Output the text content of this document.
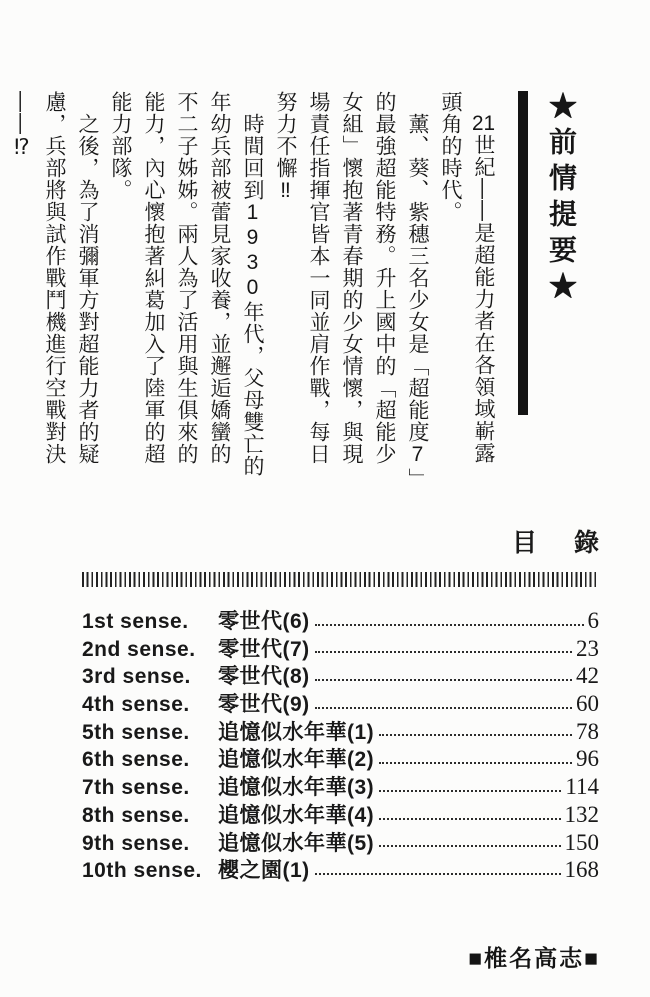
★前情提要★
21世紀——是超能力者在各領域嶄露
頭角的時代。
薰、葵、紫穗三名少女是「超能度7」
的最強超能特務。升上國中的「超能少
女組」懷抱著青春期的少女情懷，與現
場責任指揮官皆本一同並肩作戰，每日
努力不懈‼
時間回到1930年代，父母雙亡的
年幼兵部被蕾見家收養，並邂逅嬌蠻的
不二子姊姊。兩人為了活用與生俱來的
能力，內心懷抱著糾葛加入了陸軍的超
能力部隊。
之後，為了消彌軍方對超能力者的疑
慮，兵部將與試作戰鬥機進行空戰對決
——⁉
目 錄
1st sense.	零世代(6)	6
2nd sense.	零世代(7)	23
3rd sense.	零世代(8)	42
4th sense.	零世代(9)	60
5th sense.	追憶似水年華(1)	78
6th sense.	追憶似水年華(2)	96
7th sense.	追憶似水年華(3)	114
8th sense.	追憶似水年華(4)	132
9th sense.	追憶似水年華(5)	150
10th sense. 櫻之園(1)	168
■椎名高志■
